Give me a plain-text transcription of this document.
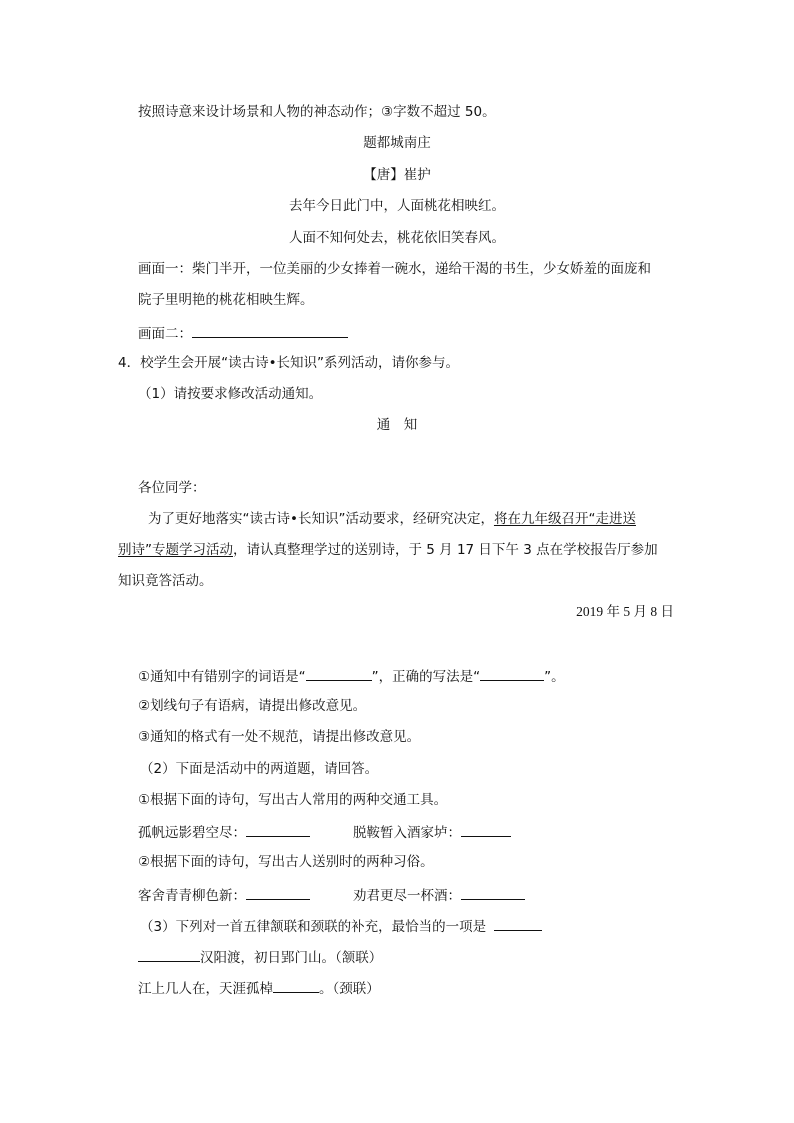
按照诗意来设计场景和人物的神态动作；③字数不超过 50。
题都城南庄
【唐】崔护
去年今日此门中，人面桃花相映红。
人面不知何处去，桃花依旧笑春风。
画面一：柴门半开，一位美丽的少女捧着一碗水，递给干渴的书生，少女娇羞的面庞和
院子里明艳的桃花相映生辉。
画面二：
4．校学生会开展“读古诗•长知识”系列活动，请你参与。
（1）请按要求修改活动通知。
通　知
各位同学：
为了更好地落实“读古诗•长知识”活动要求，经研究决定，将在九年级召开“走进送
别诗”专题学习活动，请认真整理学过的送别诗，于 5 月 17 日下午 3 点在学校报告厅参加
知识竟答活动。
2019 年 5 月 8 日
①通知中有错别字的词语是“	”，正确的写法是“	”。
②划线句子有语病，请提出修改意见。
③通知的格式有一处不规范，请提出修改意见。
（2）下面是活动中的两道题，请回答。
①根据下面的诗句，写出古人常用的两种交通工具。
孤帆远影碧空尽：	脱鞍暂入酒家垆：
②根据下面的诗句，写出古人送别时的两种习俗。
客舍青青柳色新：	劝君更尽一杯酒：
（3）下列对一首五律颔联和颈联的补充，最恰当的一项是
汉阳渡，初日郢门山。（颔联）
江上几人在，天涯孤棹	。（颈联）
